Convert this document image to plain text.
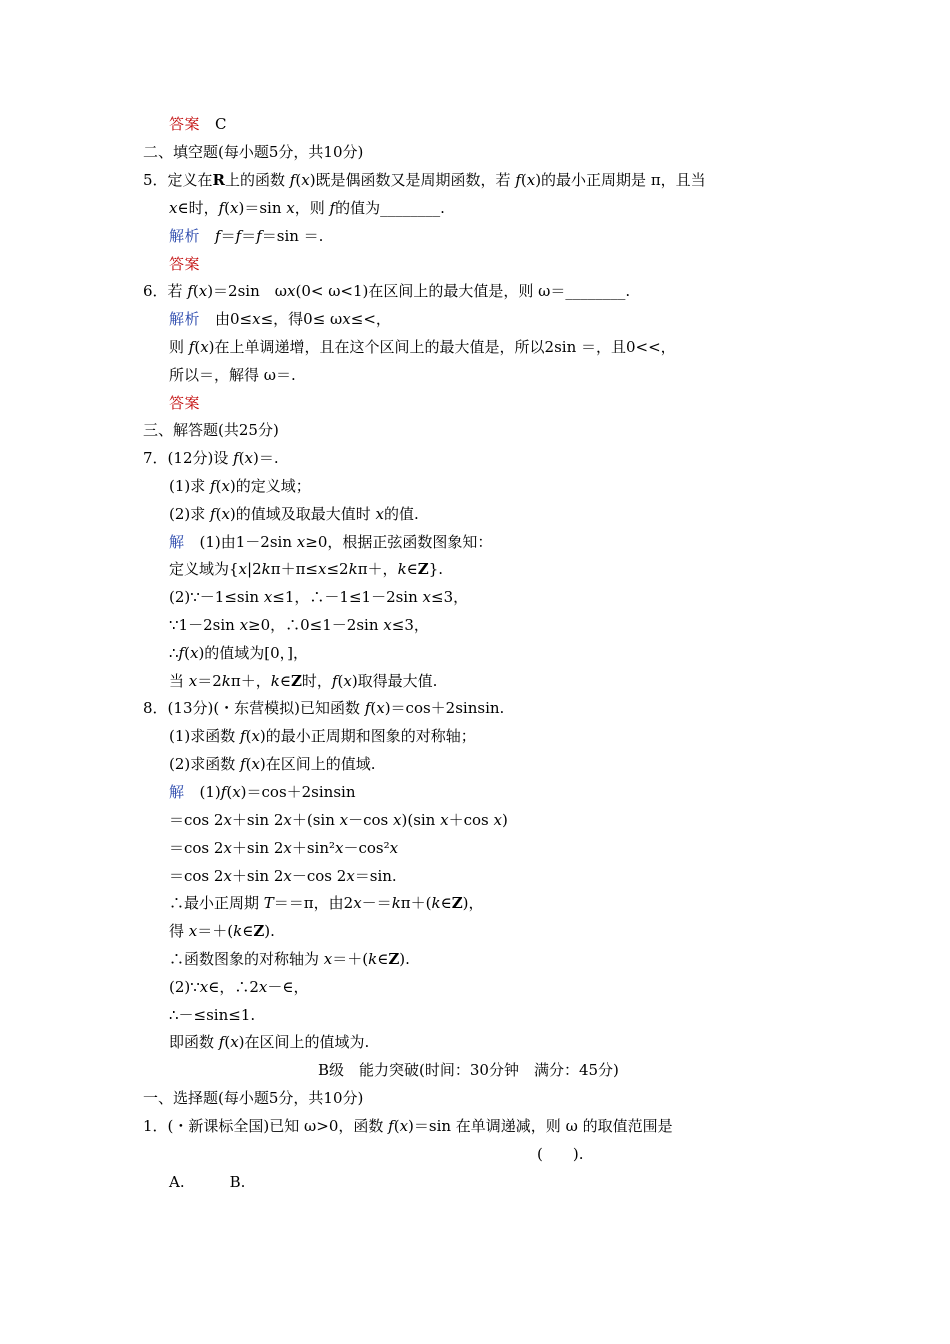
答案　C
二、填空题(每小题5分，共10分)
5．定义在R上的函数 f(x)既是偶函数又是周期函数，若 f(x)的最小正周期是 π，且当
x∈时，f(x)＝sin x，则 f的值为________.
解析　 f＝f＝f＝sin ＝.
答案
6．若 f(x)＝2sin　ωx(0< ω<1)在区间上的最大值是，则 ω＝________.
解析　由0≤x≤，得0≤ ωx≤<，
则 f(x)在上单调递增，且在这个区间上的最大值是，所以2sin ＝，且0<<，
所以＝，解得 ω＝.
答案
三、解答题(共25分)
7．(12分)设 f(x)＝.
(1)求 f(x)的定义域；
(2)求 f(x)的值域及取最大值时 x的值.
解　(1)由1－2sin x≥0，根据正弦函数图象知：
定义域为{x|2kπ＋π≤x≤2kπ＋，k∈Z}.
(2)∵－1≤sin x≤1，∴－1≤1－2sin x≤3，
∵1－2sin x≥0，∴0≤1－2sin x≤3，
∴f(x)的值域为[0，]，
当 x＝2kπ＋，k∈Z时，f(x)取得最大值.
8．(13分)(・东营模拟)已知函数 f(x)＝cos＋2sinsin.
(1)求函数 f(x)的最小正周期和图象的对称轴；
(2)求函数 f(x)在区间上的值域.
解　(1)f(x)＝cos＋2sinsin
＝cos 2x＋sin 2x＋(sin x－cos x)(sin x＋cos x)
＝cos 2x＋sin 2x＋sin²x－cos²x
＝cos 2x＋sin 2x－cos 2x＝sin.
∴最小正周期 T＝＝π，由2x－＝kπ＋(k∈Z)，
得 x＝＋(k∈Z).
∴函数图象的对称轴为 x＝＋(k∈Z).
(2)∵x∈，∴2x－∈，
∴－≤sin≤1.
即函数 f(x)在区间上的值域为.
B级　能力突破(时间：30分钟　满分：45分)
一、选择题(每小题5分，共10分)
1．(・新课标全国)已知 ω>0，函数 f(x)＝sin 在单调递减，则 ω 的取值范围是
(　　).
A.　　　B.
